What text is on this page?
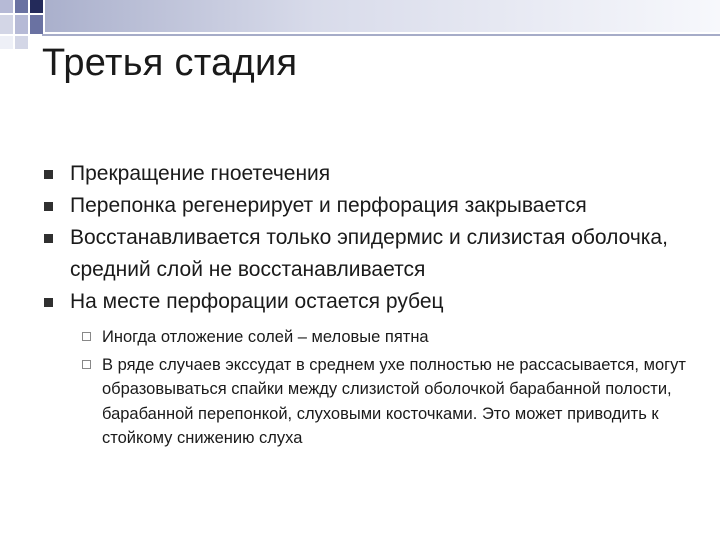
Третья стадия
Прекращение гноетечения
Перепонка регенерирует и перфорация закрывается
Восстанавливается только эпидермис и слизистая оболочка, средний слой не восстанавливается
На месте перфорации остается рубец
Иногда отложение солей – меловые пятна
В ряде случаев экссудат в среднем ухе полностью не рассасывается, могут образовываться спайки между слизистой оболочкой барабанной полости, барабанной перепонкой, слуховыми косточками. Это может приводить к стойкому снижению слуха
